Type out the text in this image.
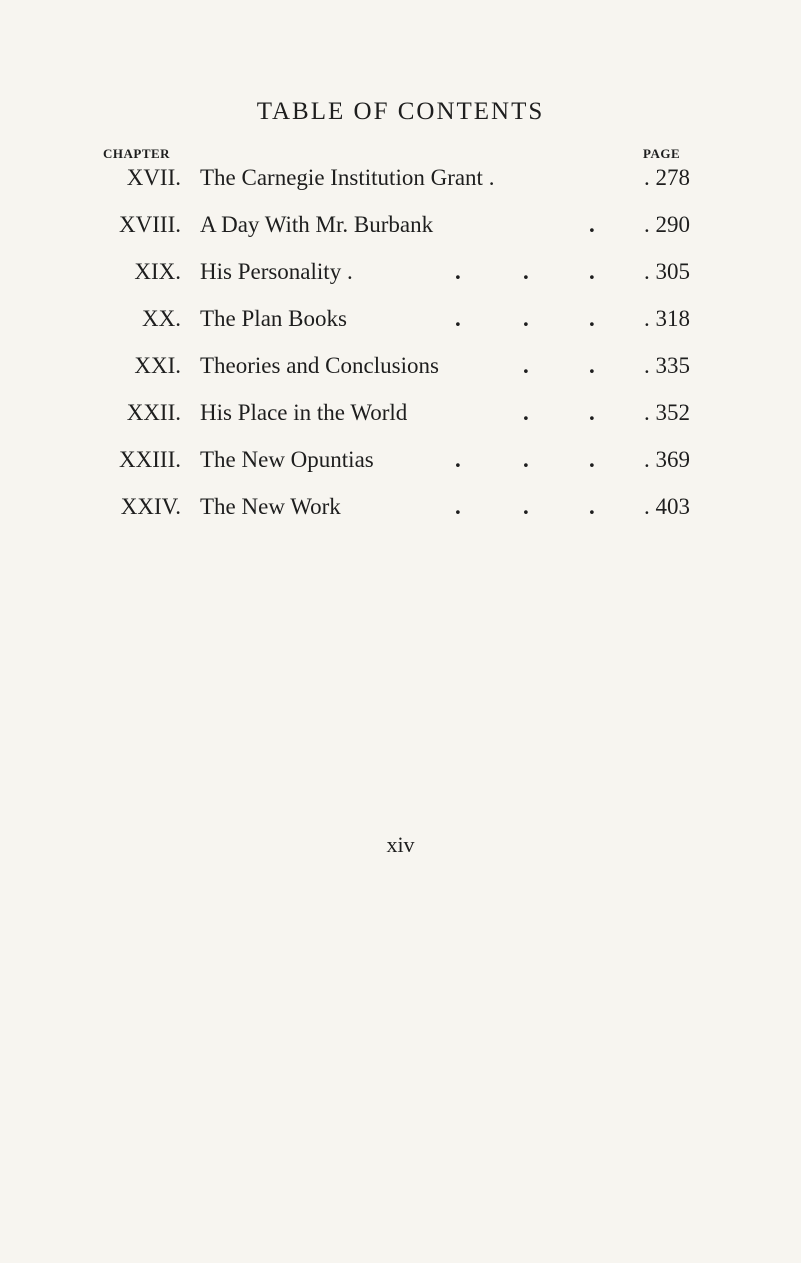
TABLE OF CONTENTS
CHAPTER	PAGE
XVII. The Carnegie Institution Grant .	. 278
XVIII. A Day With Mr. Burbank	. . 290
XIX. His Personality .	.	.	. . 305
XX. The Plan Books	.	.	. . 318
XXI. Theories and Conclusions	.	. . 335
XXII. His Place in the World	.	. . 352
XXIII. The New Opuntias	.	.	. . 369
XXIV. The New Work	.	.	. . 403
xiv
